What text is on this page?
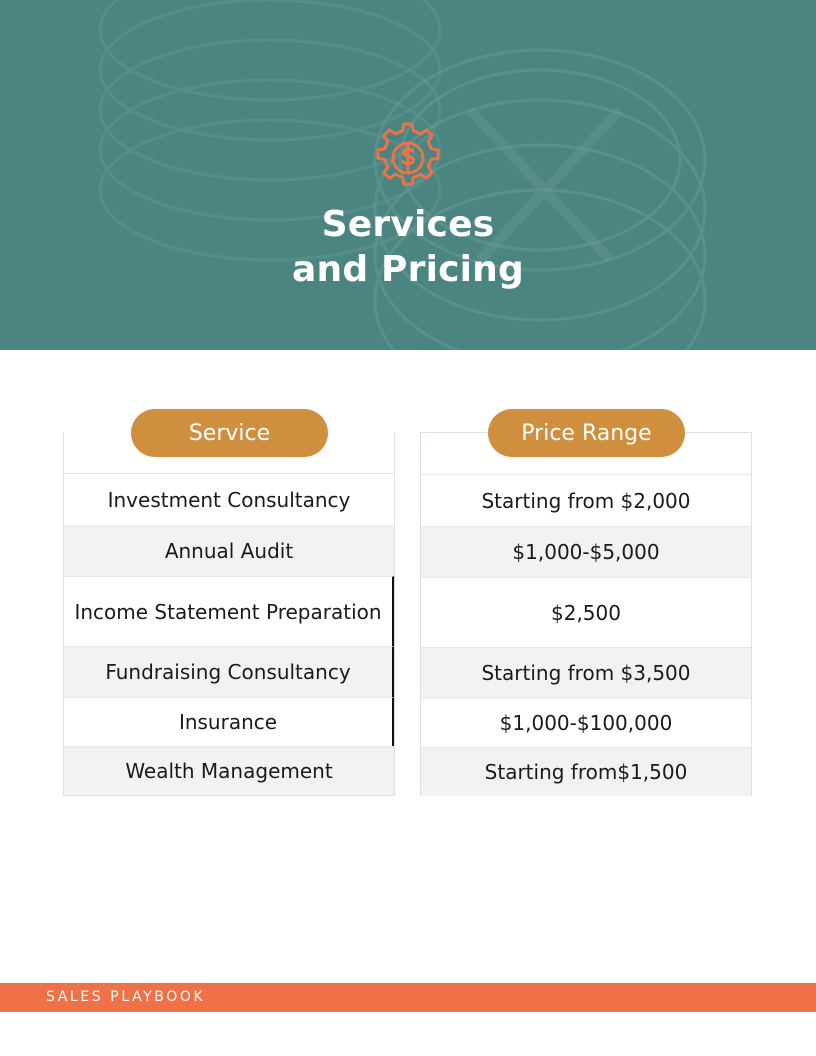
Services
and Pricing
Investment Consultancy
Annual Audit
Income Statement Preparation
Fundraising Consultancy
Insurance
Wealth Management
Starting from $2,000
$1,000-$5,000
$2,500
Starting from $3,500
$1,000-$100,000
Starting from$1,500
Service	Price Range
SALES PLAYBOOK
